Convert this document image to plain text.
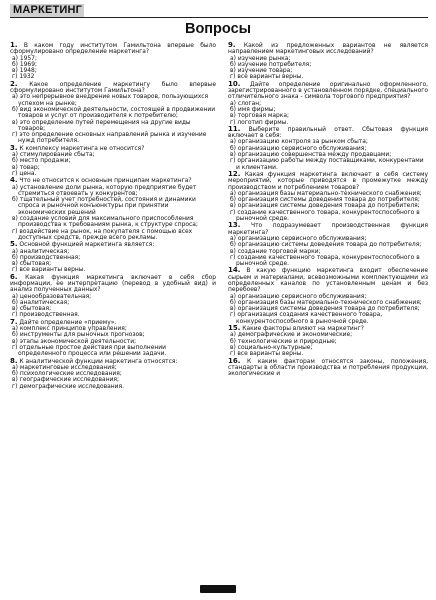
МАРКЕТИНГ
Вопросы

1. В каком году институтом Гамильтона впервые было сформулировано определение маркетинга?

а) 1957;

б) 1969;

в) 1948;

г) 1932

2. Какое определение маркетингу было впервые сформулировано институтом Гамильтона?

а) это непрерывное внедрение новых товаров, пользующихся успехом на рынке;

б) вид экономической деятельности, состоящей в продвижении товаров и услуг от производителя к потребителю;

в) это определение путей перемещения на другие виды товаров;

г) это определение основных направлений рынка и изучение нужд потребителя.

3. К комплексу маркетинга не относится?

а) стимулирование сбыта;

б) место продажи;

в) товар;

г) цена.

4. Что не относится к основным принципам маркетинга?

а) установление доли рынка, которую предприятие будет стремиться отвоевать у конкурентов;

б) тщательный учет потребностей, состояния и динамики спроса и рыночной конъюнктуры при принятии экономических решений

в) создание условий для максимального приспособления производства к требованиям рынка, к структуре спроса;

г) воздействие на рынок, на покупателя с помощью всех доступных средств, прежде всего рекламы.

5. Основной функцией маркетинга является:

а) аналитическая;

б) производственная;

в) сбытовая;

г) все варианты верны.

6. Какая функция маркетинга включает в себя сбор информации, ее интерпретацию (перевод в удобный вид) и анализ полученных данных?

а) ценообразовательная;

б) аналитическая;

в) сбытовая;

г) производственная.

7. Дайте определение «приему».

а) комплекс принципов управления;

б) инструменты для рыночных прогнозов;

в) этапы экономической деятельности;

г) отдельные простое действия при выполнении определенного процесса или решении задачи.

8. К аналитической функции маркетинга относятся:

а) маркетинговые исследования;

б) психологические исследования;

в) географические исследования;

г) демографические исследования.

9. Какой из предложенных вариантов не является направлением маркетинговых исследований?

а) изучение рынка;

б) изучение потребителя;

в) изучение товара;

г) все варианты верны.

10. Дайте определение оригинально оформленного, зарегистрированного в установленном порядке, специального отличительного знака - символа торгового предприятия?

а) слоган;

б) имя фирмы;

в) торговая марка;

г) логотип фирмы.

11. Выберите правильный ответ. Сбытовая функция включает в себя:

а) организацию контроля за рынком сбыта;

б) организацию сервисного обслуживания;

в) организацию совершенства между продавцами;

г) организацию работы между поставщиками, конкурентами и клиентами.

12. Какая функция маркетинга включает в себя систему мероприятий, которые приводятся в промежутке между производством и потреблением товаров?

а) организация базы материально-технического снабжения;

б) организация системы доведения товара до потребителя;

в) организация системы доведения товара до потребителя;

г) создание качественного товара, конкурентоспособного в рыночной среде.

13. Что подразумевает производственная функция маркетинга?

а) организацию сервисного обслуживания;

б) организацию системы доведения товара до потребителя;

в) создание торговой марки;

г) создание качественного товара, конкурентоспособного в рыночной среде.

14. В какую функцию маркетинга входит обеспечение сырьем и материалами, всевозможными комплектующими из определенных каналов по установленным ценам и без перебоев?

а) организацию сервисного обслуживания;

б) организация базы материально-технического снабжения;

в) организация системы доведения товара до потребителя;

г) организация создания качественного товара, конкурентоспособного в рыночной среде.

15. Какие факторы влияют на маркетинг?

а) демографические и экономические;

б) технологические и природные;

в) социально-культурные;

г) все варианты верны.

16. К каким факторам относятся законы, положения, стандарты в области производства и потребления продукции, экологические и
